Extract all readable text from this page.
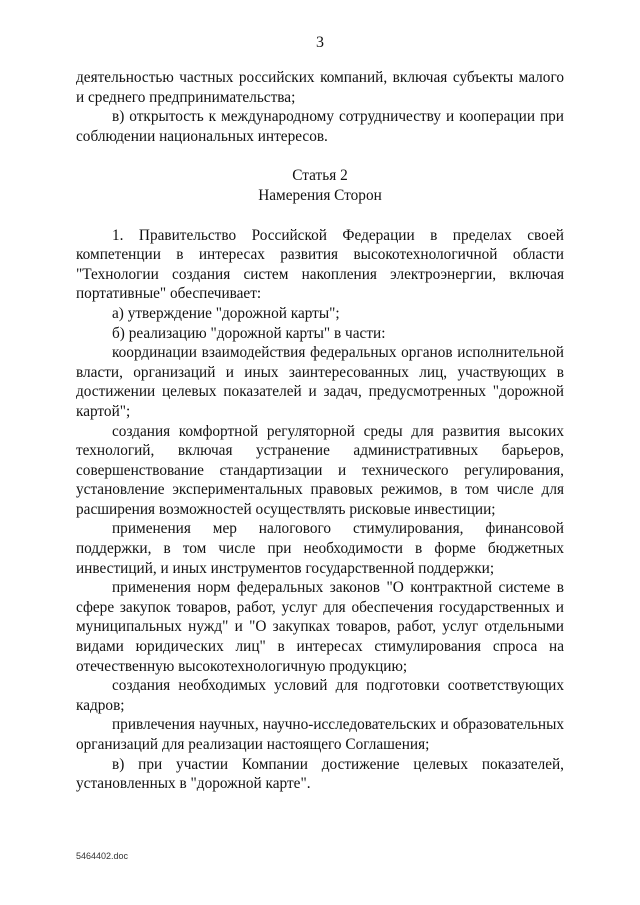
3

деятельностью частных российских компаний, включая субъекты малого и среднего предпринимательства;

в) открытость к международному сотрудничеству и кооперации при соблюдении национальных интересов.

Статья 2

Намерения Сторон

1. Правительство Российской Федерации в пределах своей компетенции в интересах развития высокотехнологичной области "Технологии создания систем накопления электроэнергии, включая портативные" обеспечивает:

а) утверждение "дорожной карты";

б) реализацию "дорожной карты" в части:

координации взаимодействия федеральных органов исполнительной власти, организаций и иных заинтересованных лиц, участвующих в достижении целевых показателей и задач, предусмотренных "дорожной картой";

создания комфортной регуляторной среды для развития высоких технологий, включая устранение административных барьеров, совершенствование стандартизации и технического регулирования, установление экспериментальных правовых режимов, в том числе для расширения возможностей осуществлять рисковые инвестиции;

применения мер налогового стимулирования, финансовой поддержки, в том числе при необходимости в форме бюджетных инвестиций, и иных инструментов государственной поддержки;

применения норм федеральных законов "О контрактной системе в сфере закупок товаров, работ, услуг для обеспечения государственных и муниципальных нужд" и "О закупках товаров, работ, услуг отдельными видами юридических лиц" в интересах стимулирования спроса на отечественную высокотехнологичную продукцию;

создания необходимых условий для подготовки соответствующих кадров;

привлечения научных, научно-исследовательских и образовательных организаций для реализации настоящего Соглашения;

в) при участии Компании достижение целевых показателей, установленных в "дорожной карте".

5464402.doc
